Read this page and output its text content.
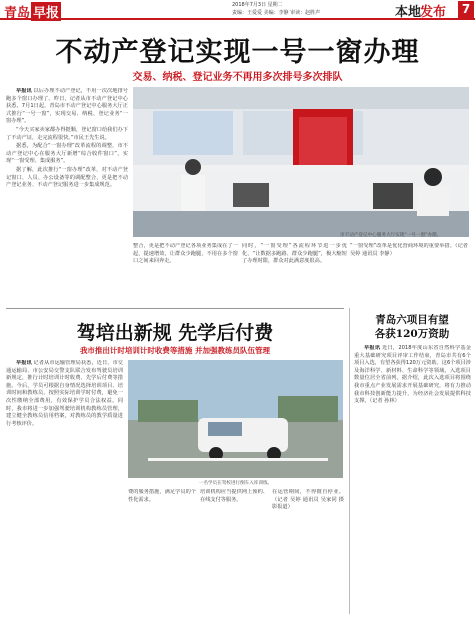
青岛 早报
2018年7月3日 星期二
责编：王爱爱 美编：李静 审读：赵胜声	本地
发布	7
不动产登记实现一号一窗办理
交易、纳税、登记业务不再用多次排号多次排队

早报讯 以后办理不动产登记，不用一次次地排号跑多个窗口办理了。昨日，记者从市不动产登记中心获悉，7月1日起，青岛市不动产登记中心服务大厅正式推行“一号一窗”，实现交易、纳税、登记业务“一窗办理”。

“今天买家卖家都办得挺顺，登记窗口给我们办下了不动产证，走完流程很快。”市民王先生说。

据悉，为配合“一窗办理”改革流程的调整，市不动产登记中心在服务大厅新增“综合收件窗口”，实现“一窗受理、集成服务”。

据了解，此次推行“一窗办理”改革，对不动产登记窗口、人员、办公设备等的调配整合，更是把不动产登记业务、不动产登记服务进一步集成规范。

市不动产登记中心服务大厅实现“一号一窗”办理。
整合，更是把不动产登记各项业务集成在了一起，提速增效，让群众少跑腿，不用在多个窗口之间来回奔走。
同时，“一窗受理”各流程环节进一步优化，“让数据多跑路、群众少跑腿”，极大缩短了办理时限，群众对此满意度很高。
“一窗受理”改革是优化营商环境的重要举措。（记者 吴婷 通讯员 李静）
驾培出新规 先学后付费
我市推出计时培训计时收费等措施 并加强教练员队伍管理

早报讯 记者从市运输管理局获悉，近日，市交通运输局、市公安局交警支队联合发布驾驶员培训新规定，推行计时培训计时收费、先学后付费等措施。今后，学员可根据自身情况选择培训项目、培训时间和教练员，按照实际培训学时付费，避免一次性缴纳全部费用，有效保护学员合法权益。同时，我市将进一步加强驾驶培训机构教练员管理，建立健全教练员信用档案，对教练员的教学质量进行考核评价。

一名学员在驾校进行倒车入库训练。
费的服务措施，满足学员的个性化需求。
培训机构应当提供网上预约、在线支付等服务。
在运营期间，不得擅自停业。（记者 吴婷 通讯员 吴家同 摄影报道）
青岛六项目有望
各获120万资助

早报讯 近日，2018年度山东省自然科学基金重大基础研究项目评审工作结束，青岛市共有6个项目入选，有望各获得120万元资助。这6个项目涉及海洋科学、新材料、生命科学等领域，入选项目数量位居全省前列。据介绍，此次入选项目将围绕我市重点产业发展需求开展基础研究，将有力推动我市科技创新能力提升，为经济社会发展提供科技支撑。（记者 孙林）
